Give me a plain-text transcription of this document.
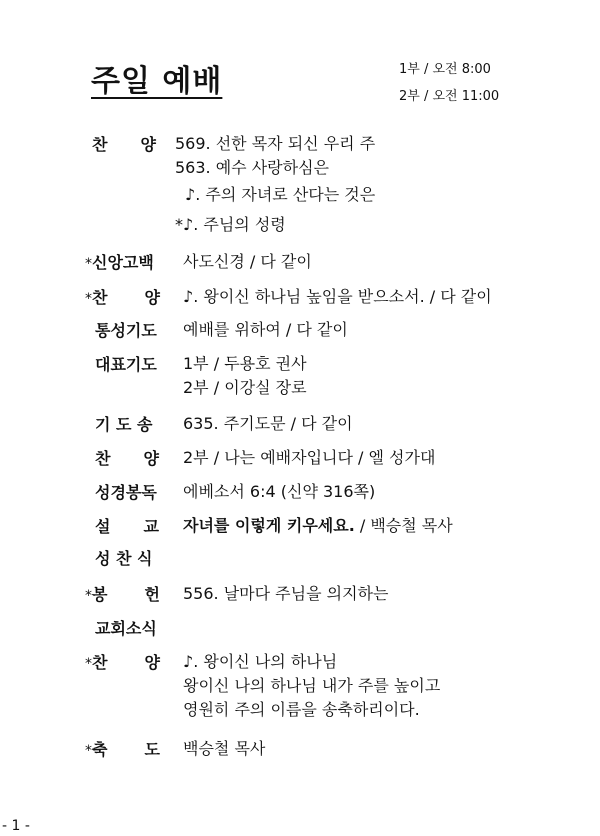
주일 예배	1부 / 오전 8:00
2부 / 오전 11:00
찬 양	569. 선한 목자 되신 우리 주
563. 예수 사랑하심은
♪. 주의 자녀로 산다는 것은
*♪. 주님의 성령
*신앙고백	사도신경 / 다 같이
*찬 양	♪. 왕이신 하나님 높임을 받으소서. / 다 같이
통성기도	예배를 위하여 / 다 같이
대표기도	1부 / 두용호 권사
2부 / 이강실 장로
기 도 송	635. 주기도문 / 다 같이
찬 양	2부 / 나는 예배자입니다 / 엘 성가대
성경봉독	에베소서 6:4 (신약 316쪽)
설 교	자녀를 이렇게 키우세요. / 백승철 목사
성 찬 식
*봉 헌	556. 날마다 주님을 의지하는
교회소식
*찬 양	♪. 왕이신 나의 하나님
왕이신 나의 하나님 내가 주를 높이고
영원히 주의 이름을 송축하리이다.
*축 도	백승철 목사
- 1 -
